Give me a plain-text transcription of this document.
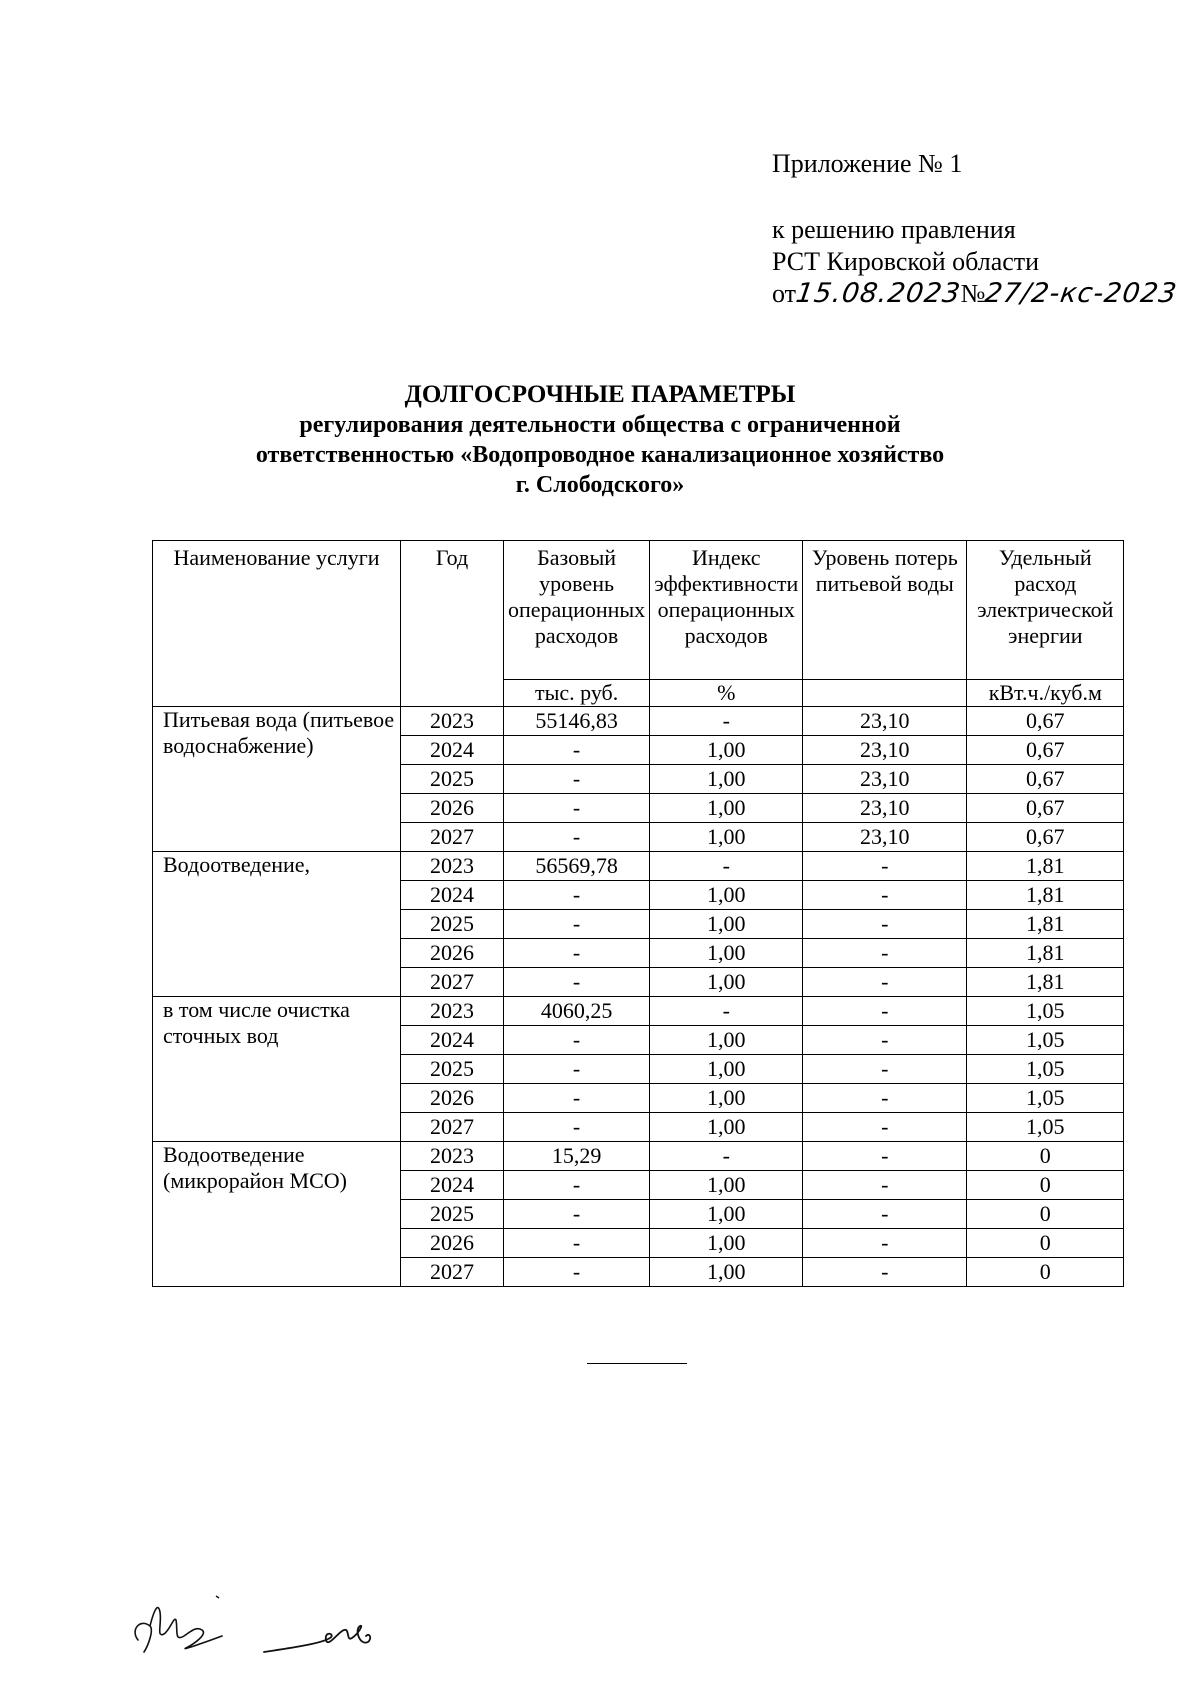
Приложение № 1
к решению правления
РСТ Кировской области
от15.08.2023№27/2-кс-2023
ДОЛГОСРОЧНЫЕ ПАРАМЕТРЫ
регулирования деятельности общества с ограниченной
ответственностью «Водопроводное канализационное хозяйство
г. Слободского»
Наименование услуги	Год	Базовый уровень операционных расходов	Индекс эффективности операционных расходов	Уровень потерь питьевой воды	Удельный расход электрической энергии
		тыс. руб.	%		кВт.ч./куб.м
Питьевая вода (питьевое водоснабжение)	2023	55146,83	-	23,10	0,67
	2024	-	1,00	23,10	0,67
	2025	-	1,00	23,10	0,67
	2026	-	1,00	23,10	0,67
	2027	-	1,00	23,10	0,67
Водоотведение,	2023	56569,78	-	-	1,81
	2024	-	1,00	-	1,81
	2025	-	1,00	-	1,81
	2026	-	1,00	-	1,81
	2027	-	1,00	-	1,81
в том числе очистка сточных вод	2023	4060,25	-	-	1,05
	2024	-	1,00	-	1,05
	2025	-	1,00	-	1,05
	2026	-	1,00	-	1,05
	2027	-	1,00	-	1,05
Водоотведение (микрорайон МСО)	2023	15,29	-	-	0
	2024	-	1,00	-	0
	2025	-	1,00	-	0
	2026	-	1,00	-	0
	2027	-	1,00	-	0
